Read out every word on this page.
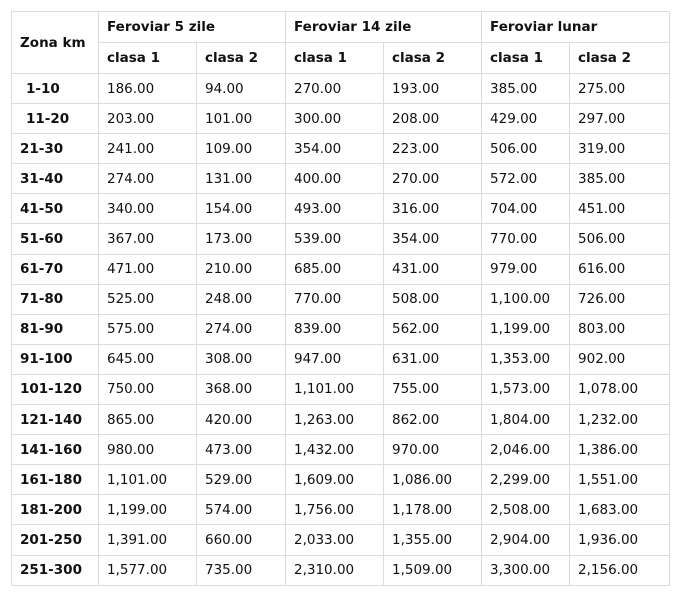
Zona km	Feroviar 5 zile		Feroviar 14 zile		Feroviar lunar	
	clasa 1	clasa 2	clasa 1	clasa 2	clasa 1	clasa 2
1-10	186.00	94.00	270.00	193.00	385.00	275.00
11-20	203.00	101.00	300.00	208.00	429.00	297.00
21-30	241.00	109.00	354.00	223.00	506.00	319.00
31-40	274.00	131.00	400.00	270.00	572.00	385.00
41-50	340.00	154.00	493.00	316.00	704.00	451.00
51-60	367.00	173.00	539.00	354.00	770.00	506.00
61-70	471.00	210.00	685.00	431.00	979.00	616.00
71-80	525.00	248.00	770.00	508.00	1,100.00	726.00
81-90	575.00	274.00	839.00	562.00	1,199.00	803.00
91-100	645.00	308.00	947.00	631.00	1,353.00	902.00
101-120	750.00	368.00	1,101.00	755.00	1,573.00	1,078.00
121-140	865.00	420.00	1,263.00	862.00	1,804.00	1,232.00
141-160	980.00	473.00	1,432.00	970.00	2,046.00	1,386.00
161-180	1,101.00	529.00	1,609.00	1,086.00	2,299.00	1,551.00
181-200	1,199.00	574.00	1,756.00	1,178.00	2,508.00	1,683.00
201-250	1,391.00	660.00	2,033.00	1,355.00	2,904.00	1,936.00
251-300	1,577.00	735.00	2,310.00	1,509.00	3,300.00	2,156.00
